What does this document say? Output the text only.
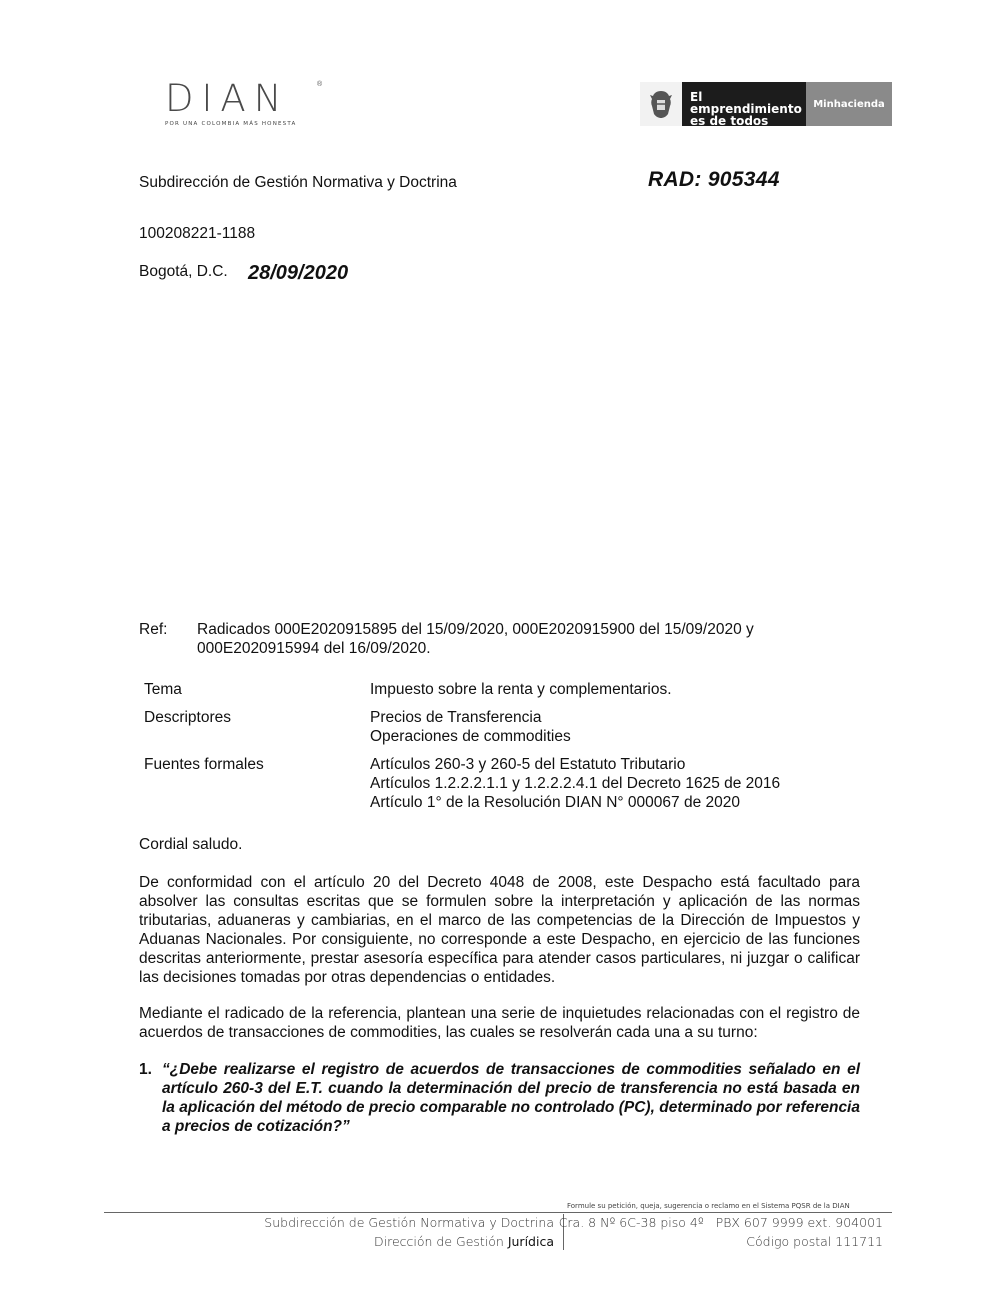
DIAN	®
POR UNA COLOMBIA MÁS HONESTA
El emprendimiento
es de todos
Minhacienda
Subdirección de Gestión Normativa y Doctrina	RAD: 905344
100208221-1188
Bogotá, D.C. 28/09/2020
Ref: Radicados 000E2020915895 del 15/09/2020, 000E2020915900 del 15/09/2020 y
000E2020915994 del 16/09/2020.
Tema	Impuesto sobre la renta y complementarios.
Descriptores	Precios de Transferencia
Operaciones de commodities
Fuentes formales	Artículos 260-3 y 260-5 del Estatuto Tributario
Artículos 1.2.2.2.1.1 y 1.2.2.2.4.1 del Decreto 1625 de 2016
Artículo 1° de la Resolución DIAN N° 000067 de 2020
Cordial saludo.
De conformidad con el artículo 20 del Decreto 4048 de 2008, este Despacho está facultado para absolver las consultas escritas que se formulen sobre la interpretación y aplicación de las normas tributarias, aduaneras y cambiarias, en el marco de las competencias de la Dirección de Impuestos y Aduanas Nacionales. Por consiguiente, no corresponde a este Despacho, en ejercicio de las funciones descritas anteriormente, prestar asesoría específica para atender casos particulares, ni juzgar o calificar las decisiones tomadas por otras dependencias o entidades.
Mediante el radicado de la referencia, plantean una serie de inquietudes relacionadas con el registro de acuerdos de transacciones de commodities, las cuales se resolverán cada una a su turno:
1. “¿Debe realizarse el registro de acuerdos de transacciones de commodities señalado en el artículo 260-3 del E.T. cuando la determinación del precio de transferencia no está basada en la aplicación del método de precio comparable no controlado (PC), determinado por referencia a precios de cotización?”
Formule su petición, queja, sugerencia o reclamo en el Sistema PQSR de la DIAN
Subdirección de Gestión Normativa y Doctrina
Dirección de Gestión Jurídica
Cra. 8 Nº 6C-38 piso 4º   PBX 607 9999 ext. 904001
Código postal 111711
